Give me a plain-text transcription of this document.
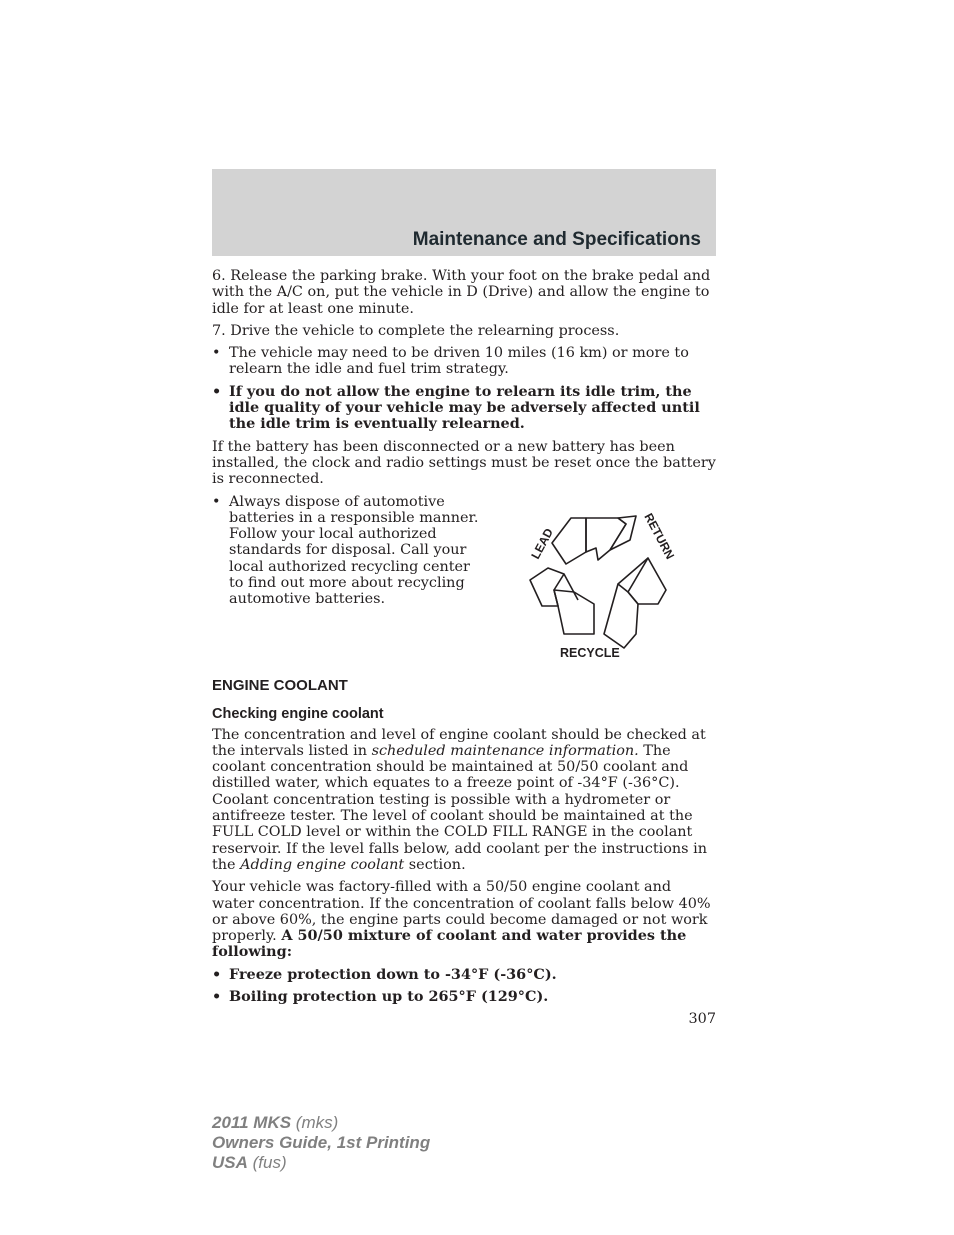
Maintenance and Specifications

6. Release the parking brake. With your foot on the brake pedal and with the A/C on, put the vehicle in D (Drive) and allow the engine to idle for at least one minute.

7. Drive the vehicle to complete the relearning process.

• The vehicle may need to be driven 10 miles (16 km) or more to relearn the idle and fuel trim strategy.
• If you do not allow the engine to relearn its idle trim, the idle quality of your vehicle may be adversely affected until the idle trim is eventually relearned.

If the battery has been disconnected or a new battery has been installed, the clock and radio settings must be reset once the battery is reconnected.

• Always dispose of automotive batteries in a responsible manner. Follow your local authorized standards for disposal. Call your local authorized recycling center to find out more about recycling automotive batteries.
LEAD	RETURN
RECYCLE
ENGINE COOLANT
Checking engine coolant

The concentration and level of engine coolant should be checked at the intervals listed in scheduled maintenance information. The coolant concentration should be maintained at 50/50 coolant and distilled water, which equates to a freeze point of -34°F (-36°C). Coolant concentration testing is possible with a hydrometer or antifreeze tester. The level of coolant should be maintained at the FULL COLD level or within the COLD FILL RANGE in the coolant reservoir. If the level falls below, add coolant per the instructions in the Adding engine coolant section.

Your vehicle was factory-filled with a 50/50 engine coolant and water concentration. If the concentration of coolant falls below 40% or above 60%, the engine parts could become damaged or not work properly. A 50/50 mixture of coolant and water provides the following:

• Freeze protection down to -34°F (-36°C).
• Boiling protection up to 265°F (129°C).
307
2011 MKS (mks)
Owners Guide, 1st Printing
USA (fus)
